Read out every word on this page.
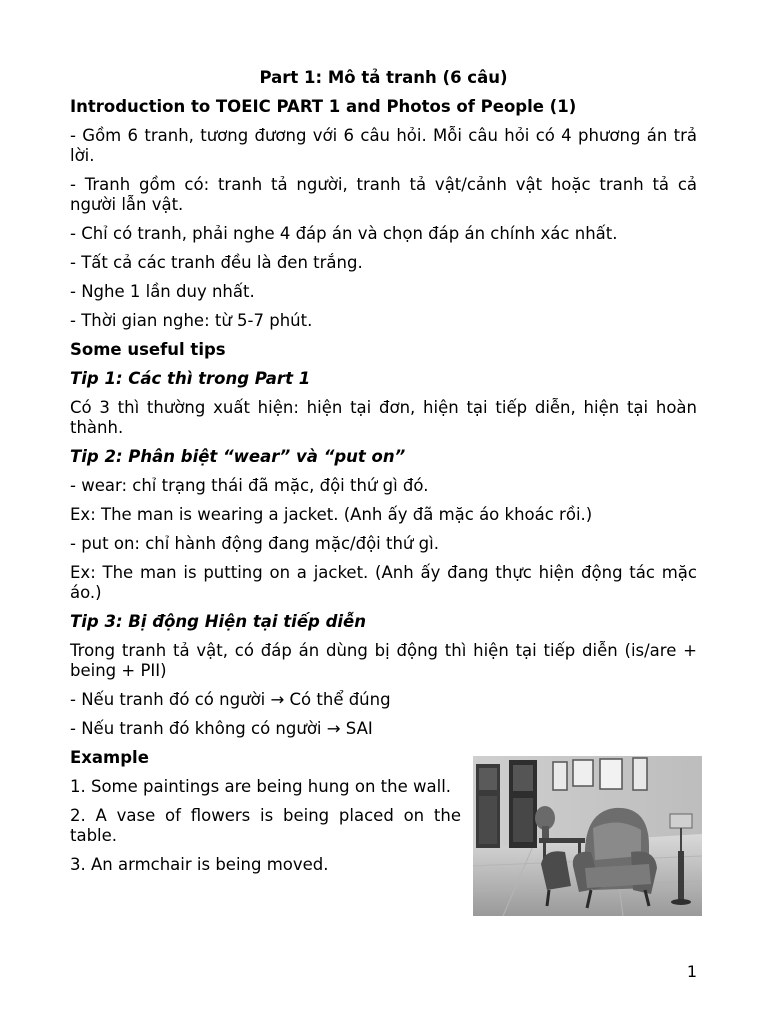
Part 1: Mô tả tranh (6 câu)

Introduction to TOEIC PART 1 and Photos of People (1)

- Gồm 6 tranh, tương đương với 6 câu hỏi. Mỗi câu hỏi có 4 phương án trả lời.

- Tranh gồm có: tranh tả người, tranh tả vật/cảnh vật hoặc tranh tả cả người lẫn vật.

- Chỉ có tranh, phải nghe 4 đáp án và chọn đáp án chính xác nhất.

- Tất cả các tranh đều là đen trắng.

- Nghe 1 lần duy nhất.

- Thời gian nghe: từ 5-7 phút.

Some useful tips

Tip 1: Các thì trong Part 1

Có 3 thì thường xuất hiện: hiện tại đơn, hiện tại tiếp diễn, hiện tại hoàn thành.

Tip 2: Phân biệt “wear” và “put on”

- wear: chỉ trạng thái đã mặc, đội thứ gì đó.

Ex: The man is wearing a jacket. (Anh ấy đã mặc áo khoác rồi.)

- put on: chỉ hành động đang mặc/đội thứ gì.

Ex: The man is putting on a jacket. (Anh ấy đang thực hiện động tác mặc áo.)

Tip 3: Bị động Hiện tại tiếp diễn

Trong tranh tả vật, có đáp án dùng bị động thì hiện tại tiếp diễn (is/are + being + PII)

- Nếu tranh đó có người → Có thể đúng

- Nếu tranh đó không có người → SAI

Example

1. Some paintings are being hung on the wall.

2. A vase of flowers is being placed on the table.

3. An armchair is being moved.

1
